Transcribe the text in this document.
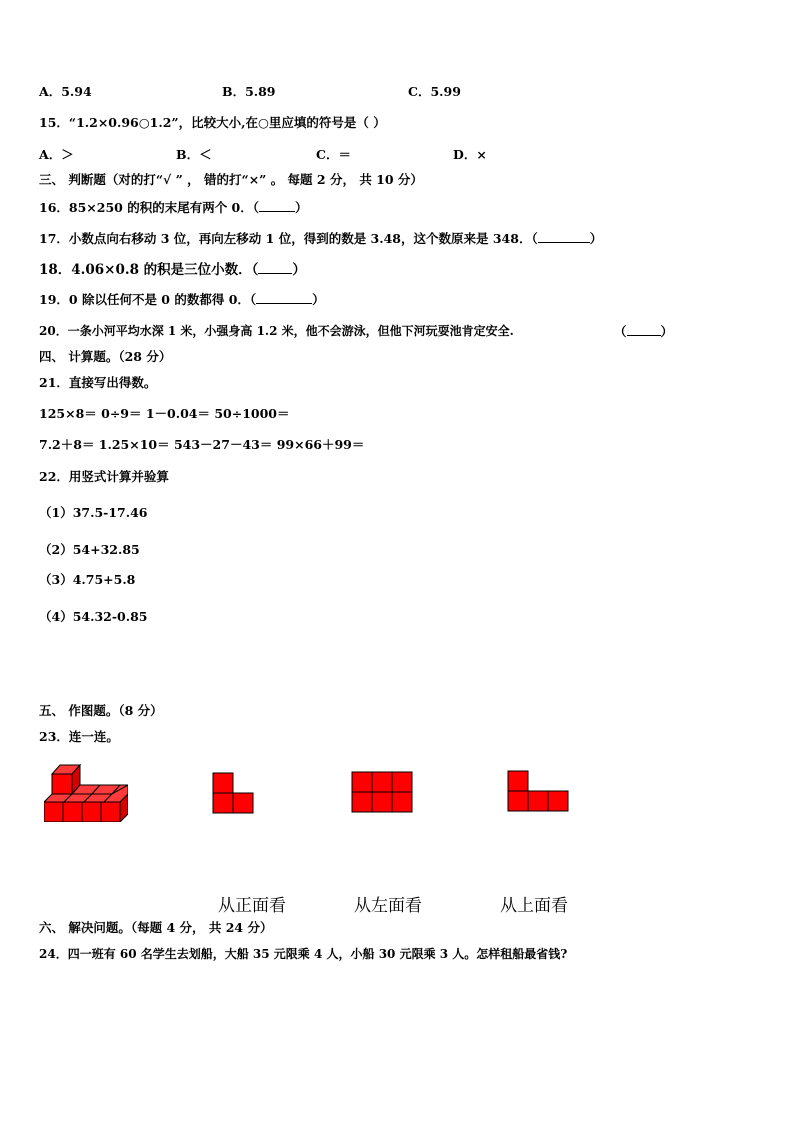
A．5.94	B．5.89	C．5.99
15．“1.2×0.96○1.2”，比较大小,在○里应填的符号是（ ）
A．＞	B．＜	C．＝	D．×
三、 判断题（对的打“√ ” ， 错的打“×” 。 每题 2 分， 共 10 分）
16．85×250 的积的末尾有两个 0．（	）
17．小数点向右移动 3 位，再向左移动 1 位，得到的数是 3.48，这个数原来是 348．（	）
18．4.06×0.8 的积是三位小数．（	）
19．0 除以任何不是 0 的数都得 0．（	）
20．一条小河平均水深 1 米，小强身高 1.2 米，他不会游泳，但他下河玩耍池肯定安全.	（	）
四、 计算题。（28 分）
21．直接写出得数。
125×8＝ 0÷9＝ 1－0.04＝ 50÷1000＝
7.2＋8＝ 1.25×10＝ 543－27－43＝ 99×66＋99＝
22．用竖式计算并验算
（1）37.5-17.46
（2）54+32.85
（3）4.75+5.8
（4）54.32-0.85
五、 作图题。（8 分）
23．连一连。
从正面看	从左面看	从上面看
六、 解决问题。（每题 4 分， 共 24 分）
24．四一班有 60 名学生去划船，大船 35 元限乘 4 人，小船 30 元限乘 3 人。怎样租船最省钱?
